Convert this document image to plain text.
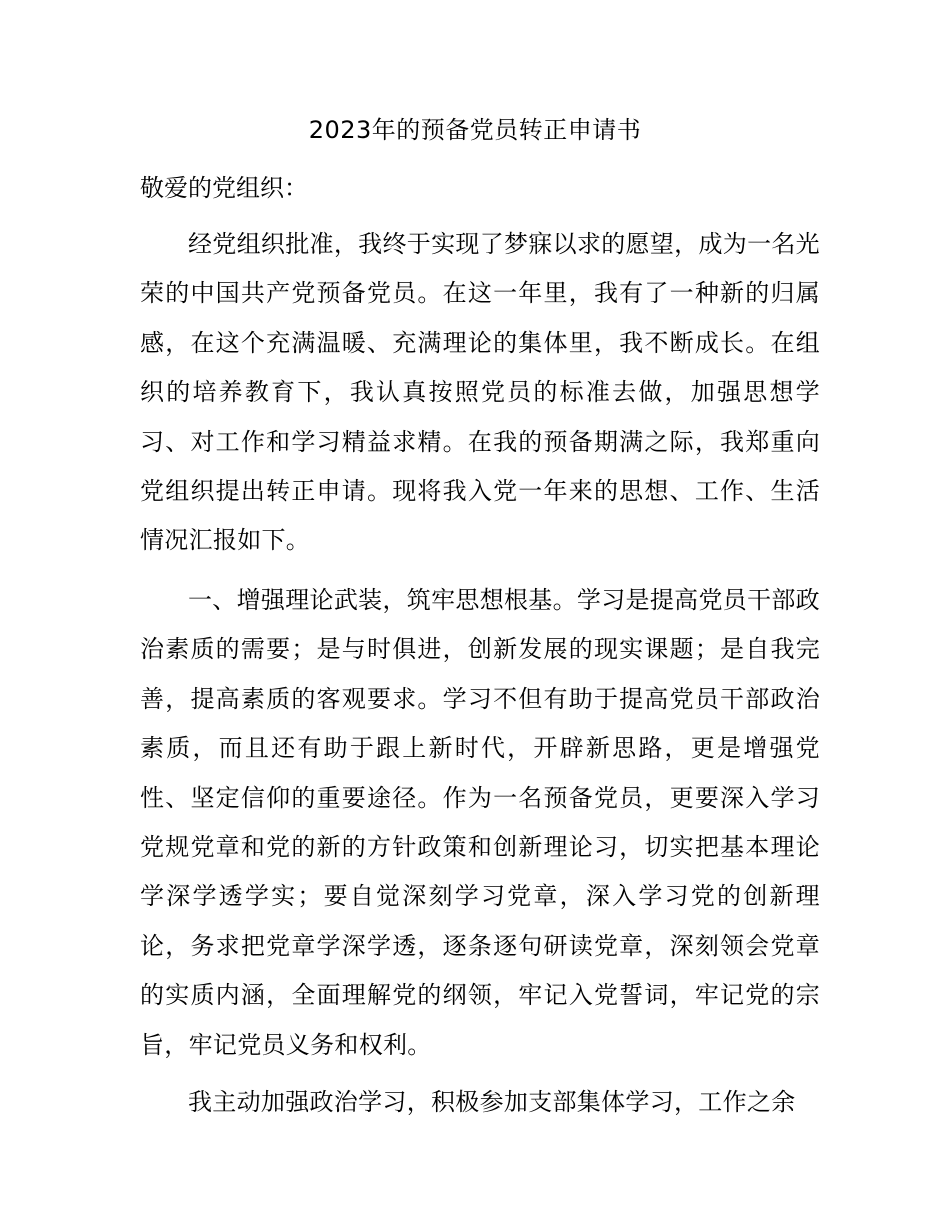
2023年的预备党员转正申请书
敬爱的党组织：

经党组织批准，我终于实现了梦寐以求的愿望，成为一名光荣的中国共产党预备党员。在这一年里，我有了一种新的归属感，在这个充满温暖、充满理论的集体里，我不断成长。在组织的培养教育下，我认真按照党员的标准去做，加强思想学习、对工作和学习精益求精。在我的预备期满之际，我郑重向党组织提出转正申请。现将我入党一年来的思想、工作、生活情况汇报如下。

一、增强理论武装，筑牢思想根基。学习是提高党员干部政治素质的需要；是与时俱进，创新发展的现实课题；是自我完善，提高素质的客观要求。学习不但有助于提高党员干部政治素质，而且还有助于跟上新时代，开辟新思路，更是增强党性、坚定信仰的重要途径。作为一名预备党员，更要深入学习党规党章和党的新的方针政策和创新理论习，切实把基本理论学深学透学实；要自觉深刻学习党章，深入学习党的创新理论，务求把党章学深学透，逐条逐句研读党章，深刻领会党章的实质内涵，全面理解党的纲领，牢记入党誓词，牢记党的宗旨，牢记党员义务和权利。

我主动加强政治学习，积极参加支部集体学习，工作之余
